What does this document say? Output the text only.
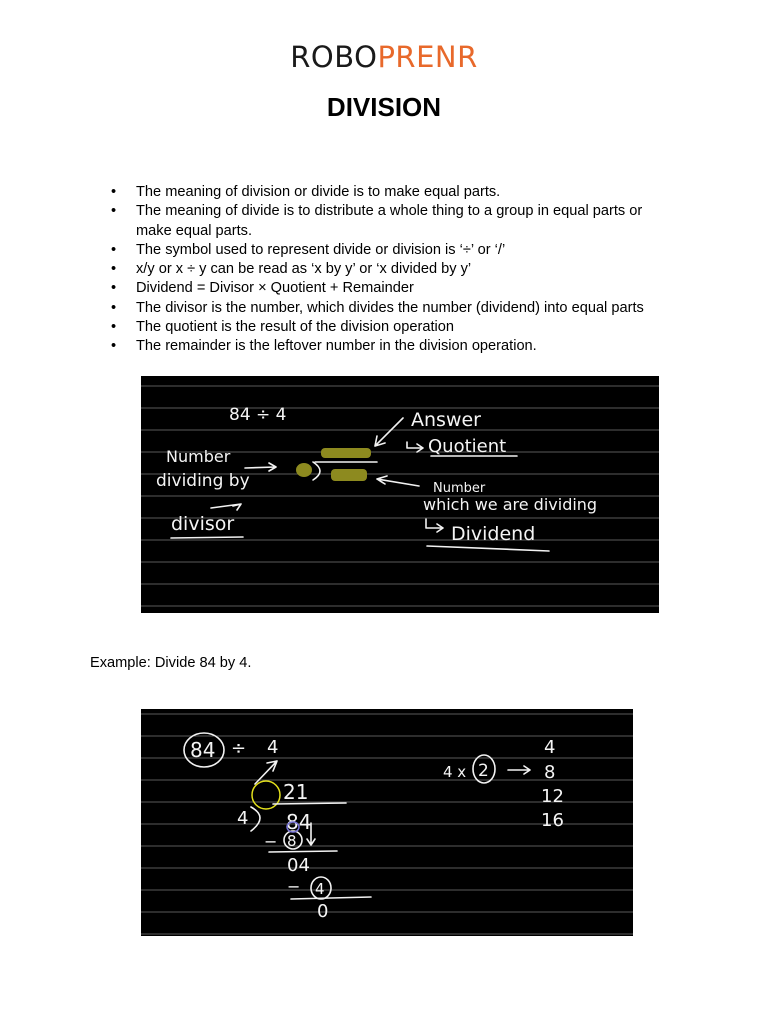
ROBOPRENR
DIVISION
• The meaning of division or divide is to make equal parts.
• The meaning of divide is to distribute a whole thing to a group in equal parts or make equal parts.
• The symbol used to represent divide or division is ‘÷’ or ‘/’
• x/y or x ÷ y can be read as ‘x by y’ or ‘x divided by y’
• Dividend = Divisor × Quotient + Remainder
• The divisor is the number, which divides the number (dividend) into equal parts
• The quotient is the result of the division operation
• The remainder is the leftover number in the division operation.
84 ÷ 4	Answer
Quotient
Number
dividing by
divisor
Number
which we are dividing
Dividend
Example: Divide 84 by 4.
84 ÷ 4
21
4 84
− 8
04
− 4
0
4 x 2
4
8
12
16
